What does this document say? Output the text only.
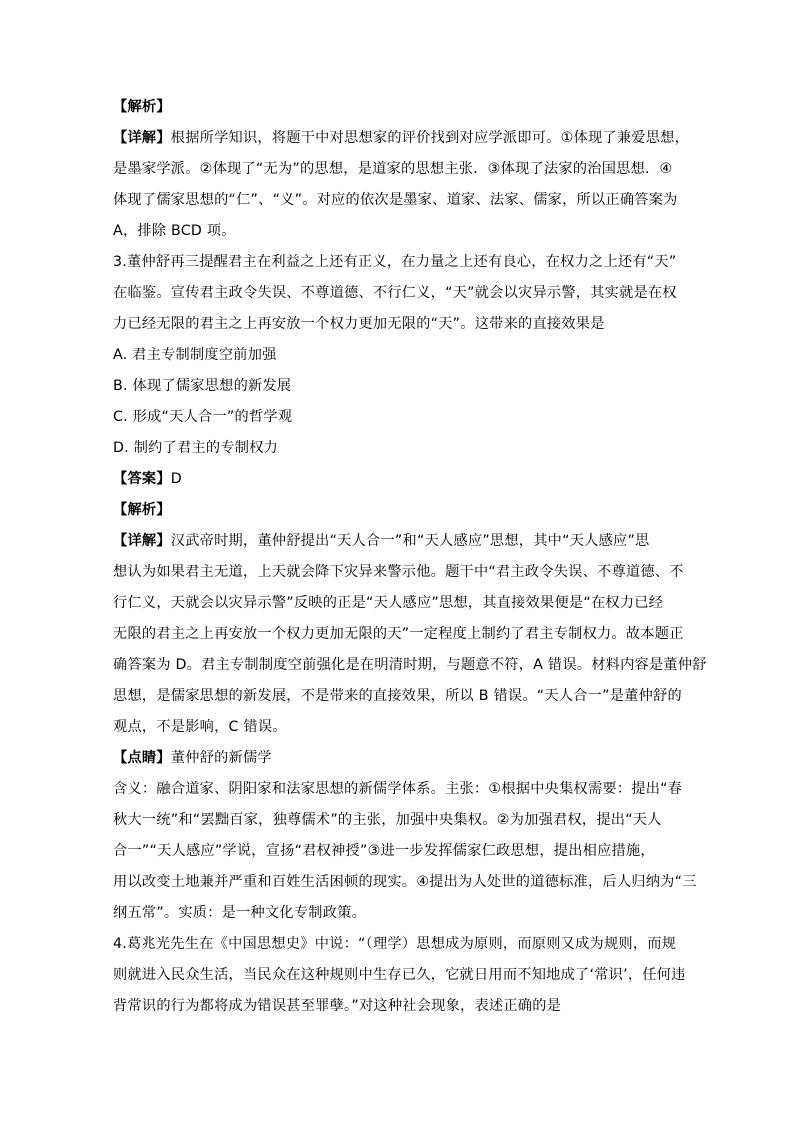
【解析】
【详解】根据所学知识，将题干中对思想家的评价找到对应学派即可。①体现了兼爱思想，
是墨家学派。②体现了“无为”的思想，是道家的思想主张．③体现了法家的治国思想．④
体现了儒家思想的“仁”、“义”。对应的依次是墨家、道家、法家、儒家，所以正确答案为
A，排除 BCD 项。
3.董仲舒再三提醒君主在利益之上还有正义，在力量之上还有良心，在权力之上还有“天”
在临鉴。宣传君主政令失误、不尊道德、不行仁义，“天”就会以灾异示警，其实就是在权
力已经无限的君主之上再安放一个权力更加无限的“天”。这带来的直接效果是
A. 君主专制制度空前加强
B. 体现了儒家思想的新发展
C. 形成“天人合一”的哲学观
D. 制约了君主的专制权力
【答案】D
【解析】
【详解】汉武帝时期，董仲舒提出“天人合一”和“天人感应”思想，其中“天人感应”思
想认为如果君主无道，上天就会降下灾异来警示他。题干中“君主政令失误、不尊道德、不
行仁义，天就会以灾异示警”反映的正是“天人感应”思想，其直接效果便是“在权力已经
无限的君主之上再安放一个权力更加无限的天”一定程度上制约了君主专制权力。故本题正
确答案为 D。君主专制制度空前强化是在明清时期，与题意不符，A 错误。材料内容是董仲舒
思想，是儒家思想的新发展，不是带来的直接效果，所以 B 错误。“天人合一”是董仲舒的
观点，不是影响，C 错误。
【点睛】董仲舒的新儒学
含义：融合道家、阴阳家和法家思想的新儒学体系。主张：①根据中央集权需要：提出“春
秋大一统”和“罢黜百家，独尊儒术”的主张，加强中央集权。②为加强君权，提出“天人
合一”“天人感应”学说，宣扬“君权神授”③进一步发挥儒家仁政思想，提出相应措施，
用以改变土地兼并严重和百姓生活困顿的现实。④提出为人处世的道德标准，后人归纳为“三
纲五常”。实质：是一种文化专制政策。
4.葛兆光先生在《中国思想史》中说：“（理学）思想成为原则，而原则又成为规则，而规
则就进入民众生活，当民众在这种规则中生存已久，它就日用而不知地成了‘常识’，任何违
背常识的行为都将成为错误甚至罪孽。”对这种社会现象，表述正确的是
